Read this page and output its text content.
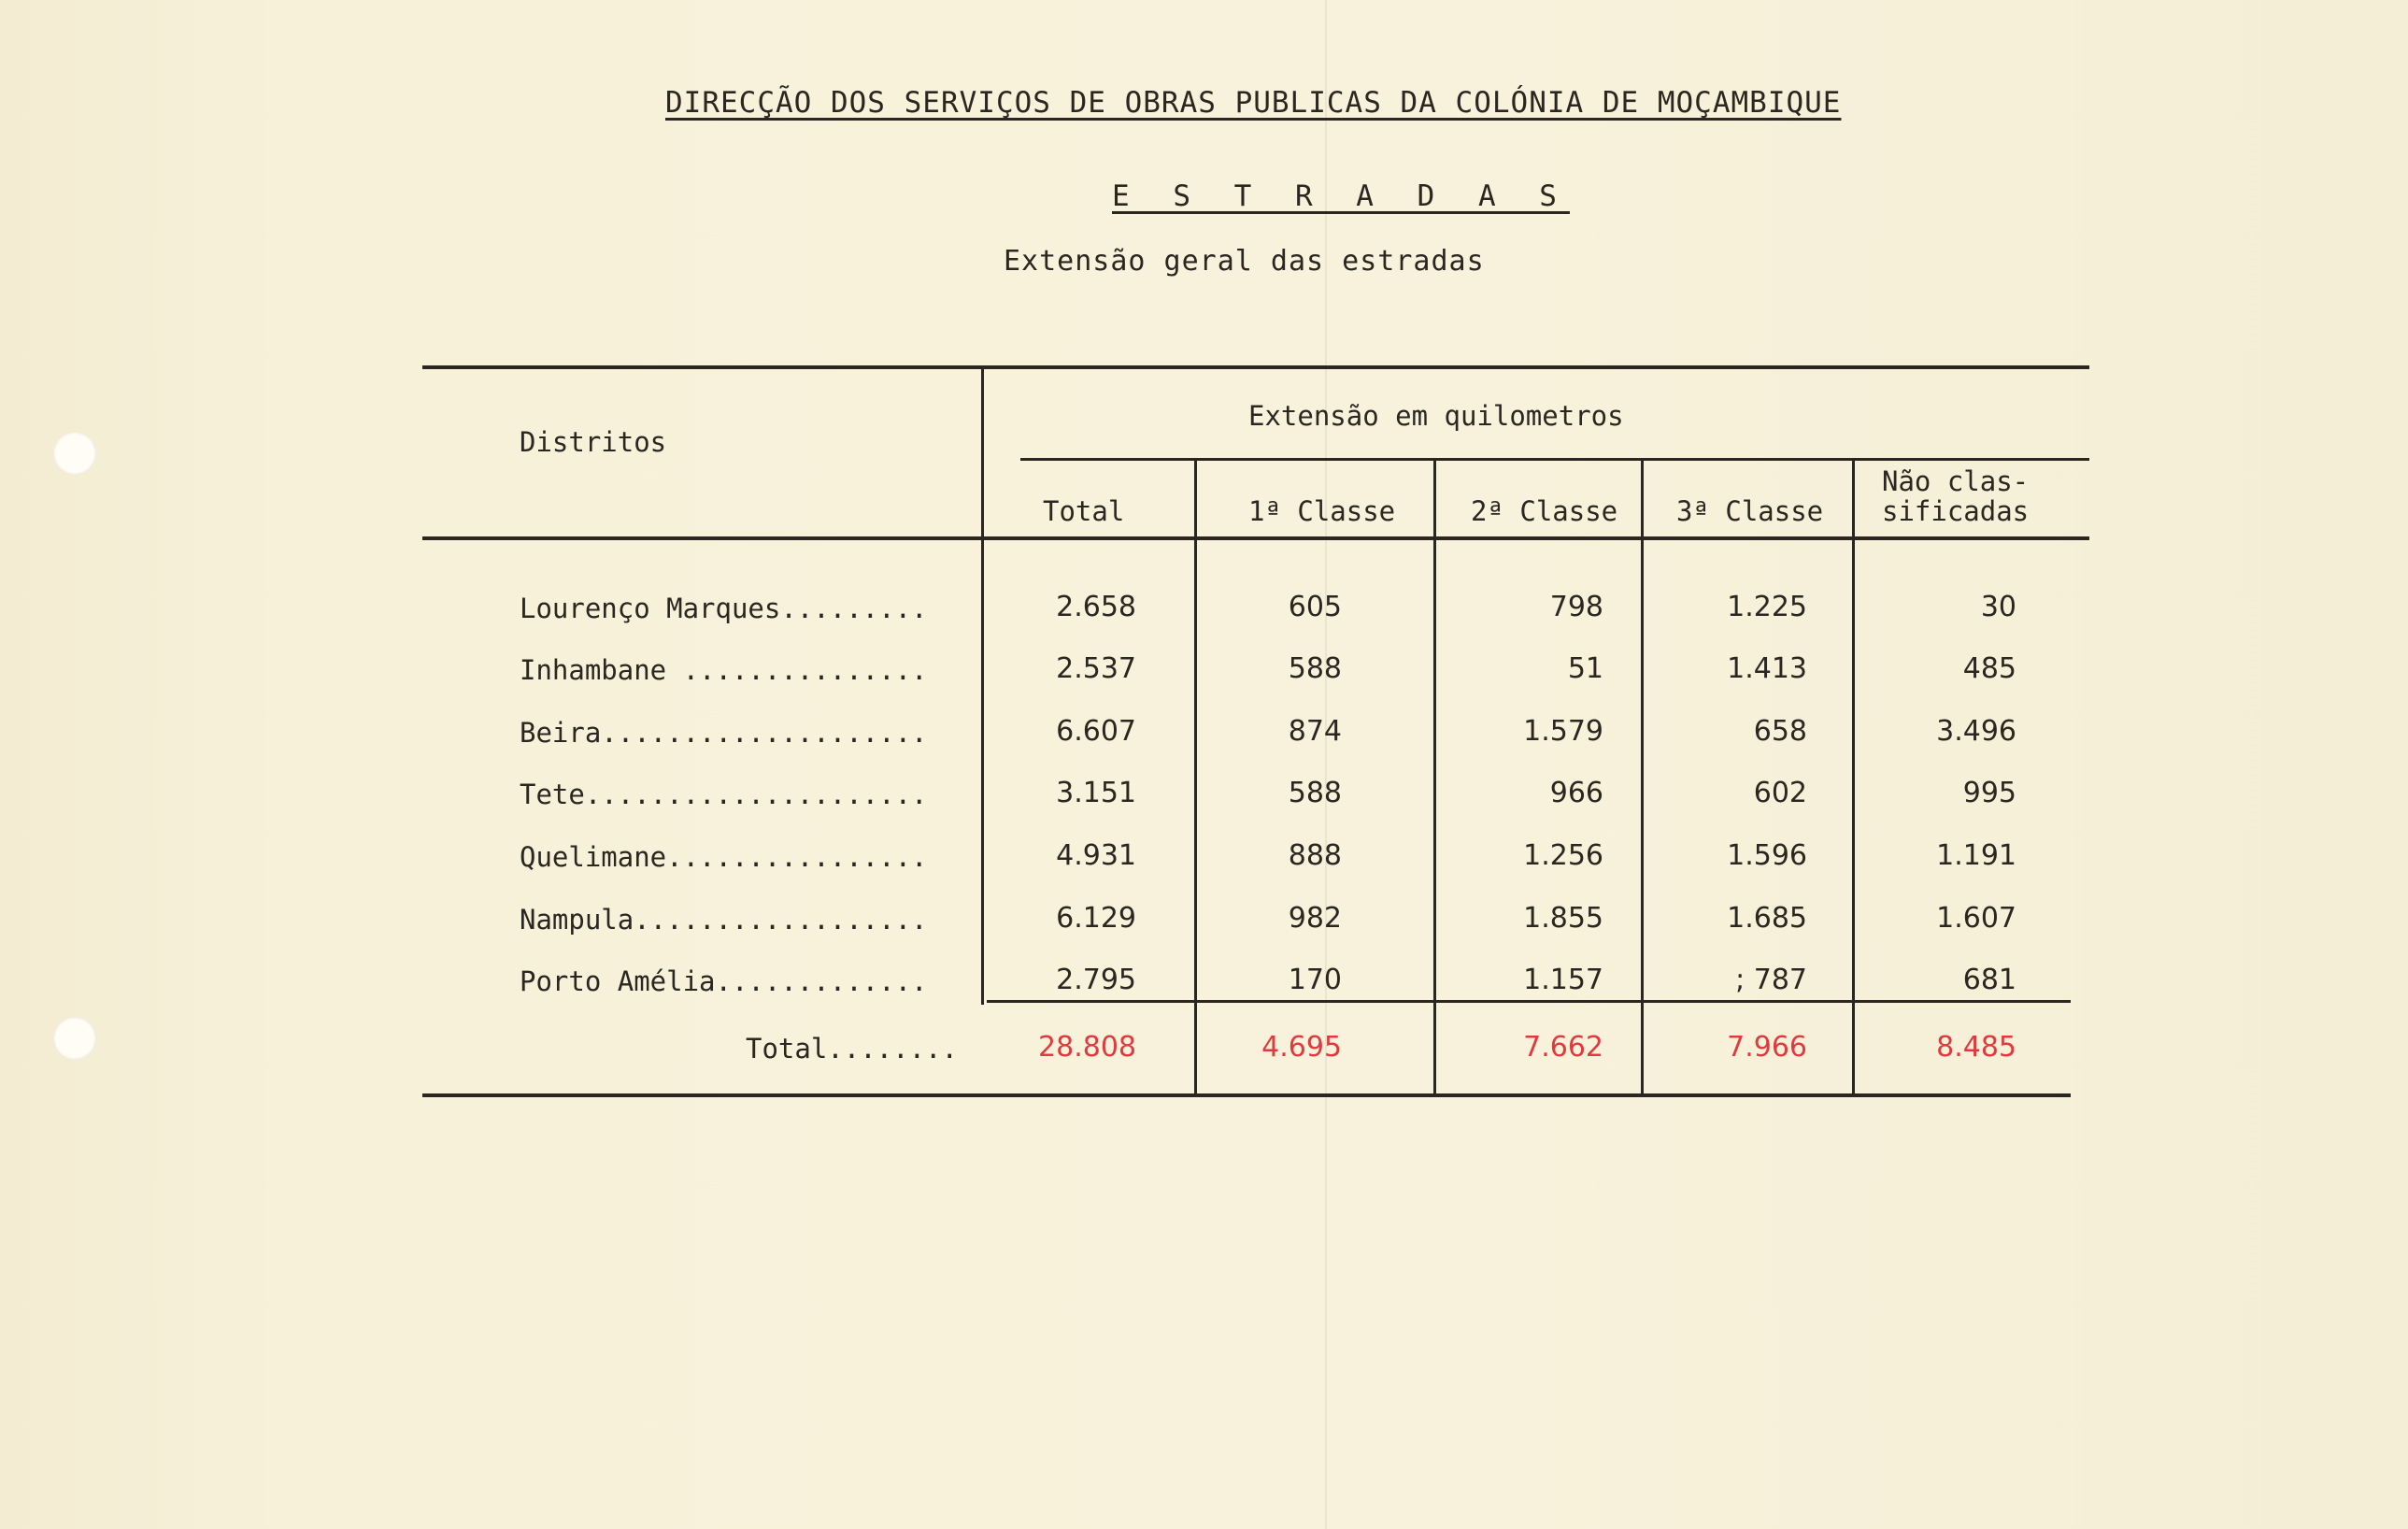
DIRECÇÃO DOS SERVIÇOS DE OBRAS PUBLICAS DA COLÓNIA DE MOÇAMBIQUE
E S T R A D A S
Extensão geral das estradas
Distritos
Extensão em quilometros
Total	1ª Classe	2ª Classe 3ª Classe
Não clas-
sificadas
Lourenço Marques.........	2.658	605	798	1.225	30
Inhambane ...............	2.537	588	51	1.413	485
Beira....................	6.607	874	1.579	658	3.496
Tete.....................	3.151	588	966	602	995
Quelimane................	4.931	888	1.256	1.596	1.191
Nampula..................	6.129	982	1.855	1.685	1.607
Porto Amélia.............	2.795	170	1.157	; 787	681
Total........	28.808	4.695	7.662	7.966	8.485
